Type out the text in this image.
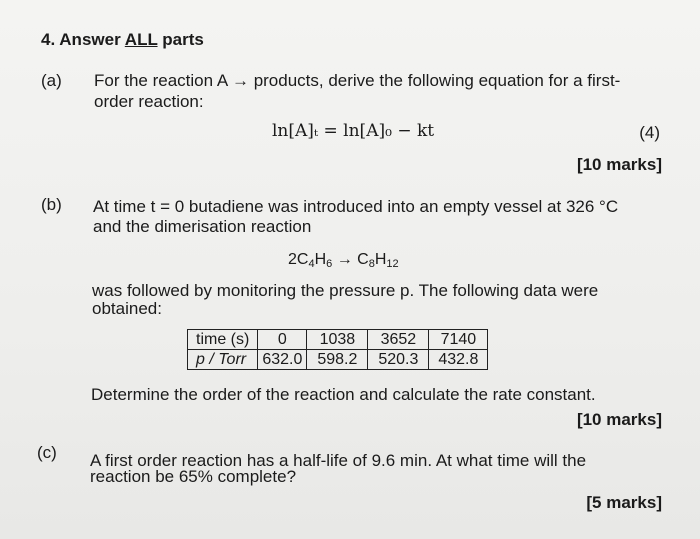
4. Answer ALL parts
(a) For the reaction A → products, derive the following equation for a first-
order reaction:
ln[A]ₜ = ln[A]₀ − kt	(4)
[10 marks]
(b) At time t = 0 butadiene was introduced into an empty vessel at 326 °C
and the dimerisation reaction
$2C_4H_6 \to C_8H_{12}$
was followed by monitoring the pressure p. The following data were
obtained:
time (s)	0	1038	3652	7140
p / Torr	632.0	598.2	520.3	432.8
Determine the order of the reaction and calculate the rate constant.
[10 marks]
(c) A first order reaction has a half-life of 9.6 min. At what time will the
reaction be 65% complete?
[5 marks]
